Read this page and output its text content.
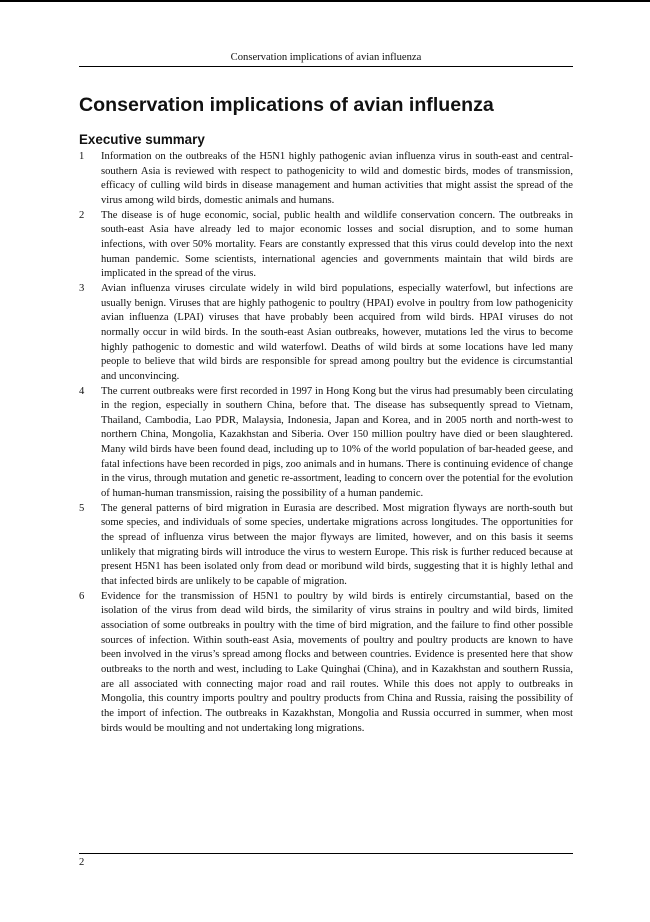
Conservation implications of avian influenza
Conservation implications of avian influenza
Executive summary
1	Information on the outbreaks of the H5N1 highly pathogenic avian influenza virus in south-east and central-southern Asia is reviewed with respect to pathogenicity to wild and domestic birds, modes of transmission, efficacy of culling wild birds in disease management and human activities that might assist the spread of the virus among wild birds, domestic animals and humans.
2	The disease is of huge economic, social, public health and wildlife conservation concern. The outbreaks in south-east Asia have already led to major economic losses and social disruption, and to some human infections, with over 50% mortality. Fears are constantly expressed that this virus could develop into the next human pandemic. Some scientists, international agencies and governments maintain that wild birds are implicated in the spread of the virus.
3	Avian influenza viruses circulate widely in wild bird populations, especially waterfowl, but infections are usually benign. Viruses that are highly pathogenic to poultry (HPAI) evolve in poultry from low pathogenicity avian influenza (LPAI) viruses that have probably been acquired from wild birds. HPAI viruses do not normally occur in wild birds. In the south-east Asian outbreaks, however, mutations led the virus to become highly pathogenic to domestic and wild waterfowl. Deaths of wild birds at some locations have led many people to believe that wild birds are responsible for spread among poultry but the evidence is circumstantial and unconvincing.
4	The current outbreaks were first recorded in 1997 in Hong Kong but the virus had presumably been circulating in the region, especially in southern China, before that. The disease has subsequently spread to Vietnam, Thailand, Cambodia, Lao PDR, Malaysia, Indonesia, Japan and Korea, and in 2005 north and north-west to northern China, Mongolia, Kazakhstan and Siberia. Over 150 million poultry have died or been slaughtered. Many wild birds have been found dead, including up to 10% of the world population of bar-headed geese, and fatal infections have been recorded in pigs, zoo animals and in humans. There is continuing evidence of change in the virus, through mutation and genetic re-assortment, leading to concern over the potential for the evolution of human-human transmission, raising the possibility of a human pandemic.
5	The general patterns of bird migration in Eurasia are described. Most migration flyways are north-south but some species, and individuals of some species, undertake migrations across longitudes. The opportunities for the spread of influenza virus between the major flyways are limited, however, and on this basis it seems unlikely that migrating birds will introduce the virus to western Europe. This risk is further reduced because at present H5N1 has been isolated only from dead or moribund wild birds, suggesting that it is highly lethal and that infected birds are unlikely to be capable of migration.
6	Evidence for the transmission of H5N1 to poultry by wild birds is entirely circumstantial, based on the isolation of the virus from dead wild birds, the similarity of virus strains in poultry and wild birds, limited association of some outbreaks in poultry with the time of bird migration, and the failure to find other possible sources of infection. Within south-east Asia, movements of poultry and poultry products are known to have been involved in the virus’s spread among flocks and between countries. Evidence is presented here that show outbreaks to the north and west, including to Lake Quinghai (China), and in Kazakhstan and southern Russia, are all associated with connecting major road and rail routes. While this does not apply to outbreaks in Mongolia, this country imports poultry and poultry products from China and Russia, raising the possibility of the import of infection. The outbreaks in Kazakhstan, Mongolia and Russia occurred in summer, when most birds would be moulting and not undertaking long migrations.
2
